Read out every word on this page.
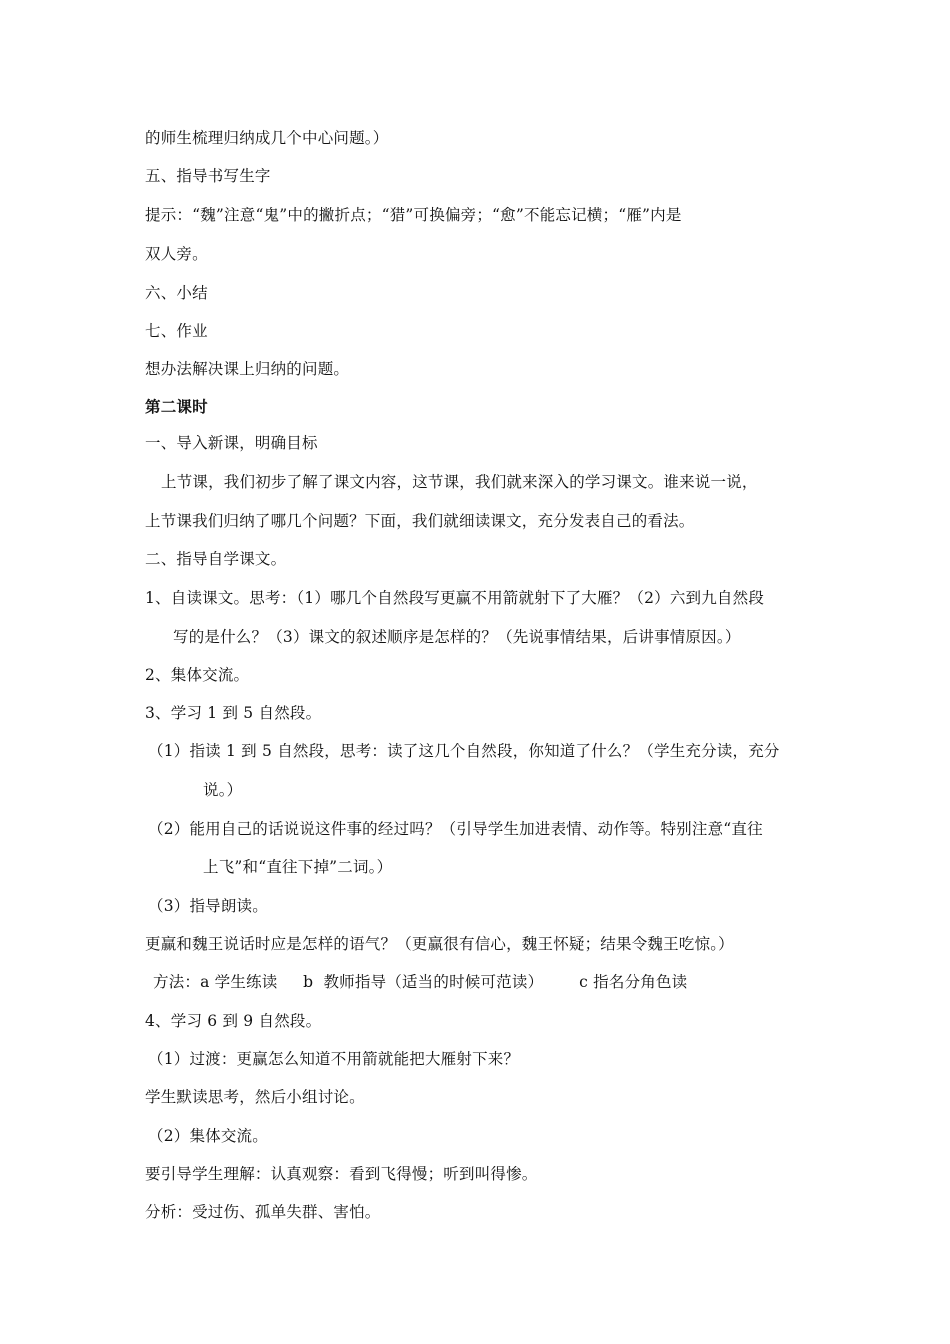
的师生梳理归纳成几个中心问题。）
五、指导书写生字
提示：“魏”注意“鬼”中的撇折点；“猎”可换偏旁；“愈”不能忘记横；“雁”内是
双人旁。
六、小结
七、作业
想办法解决课上归纳的问题。
第二课时
一、导入新课，明确目标
上节课，我们初步了解了课文内容，这节课，我们就来深入的学习课文。谁来说一说，
上节课我们归纳了哪几个问题？下面，我们就细读课文，充分发表自己的看法。
二、指导自学课文。
1、自读课文。思考：（1）哪几个自然段写更赢不用箭就射下了大雁？（2）六到九自然段
写的是什么？（3）课文的叙述顺序是怎样的？（先说事情结果，后讲事情原因。）
2、集体交流。
3、学习 1 到 5 自然段。
（1）指读 1 到 5 自然段，思考：读了这几个自然段，你知道了什么？（学生充分读，充分
说。）
（2）能用自己的话说说这件事的经过吗？（引导学生加进表情、动作等。特别注意“直往
上飞”和“直往下掉”二词。）
（3）指导朗读。
更赢和魏王说话时应是怎样的语气？（更赢很有信心，魏王怀疑；结果令魏王吃惊。）
方法：a 学生练读     b  教师指导（适当的时候可范读）       c 指名分角色读
4、学习 6 到 9 自然段。
（1）过渡：更赢怎么知道不用箭就能把大雁射下来？
学生默读思考，然后小组讨论。
（2）集体交流。
要引导学生理解：认真观察：看到飞得慢；听到叫得惨。
分析：受过伤、孤单失群、害怕。
